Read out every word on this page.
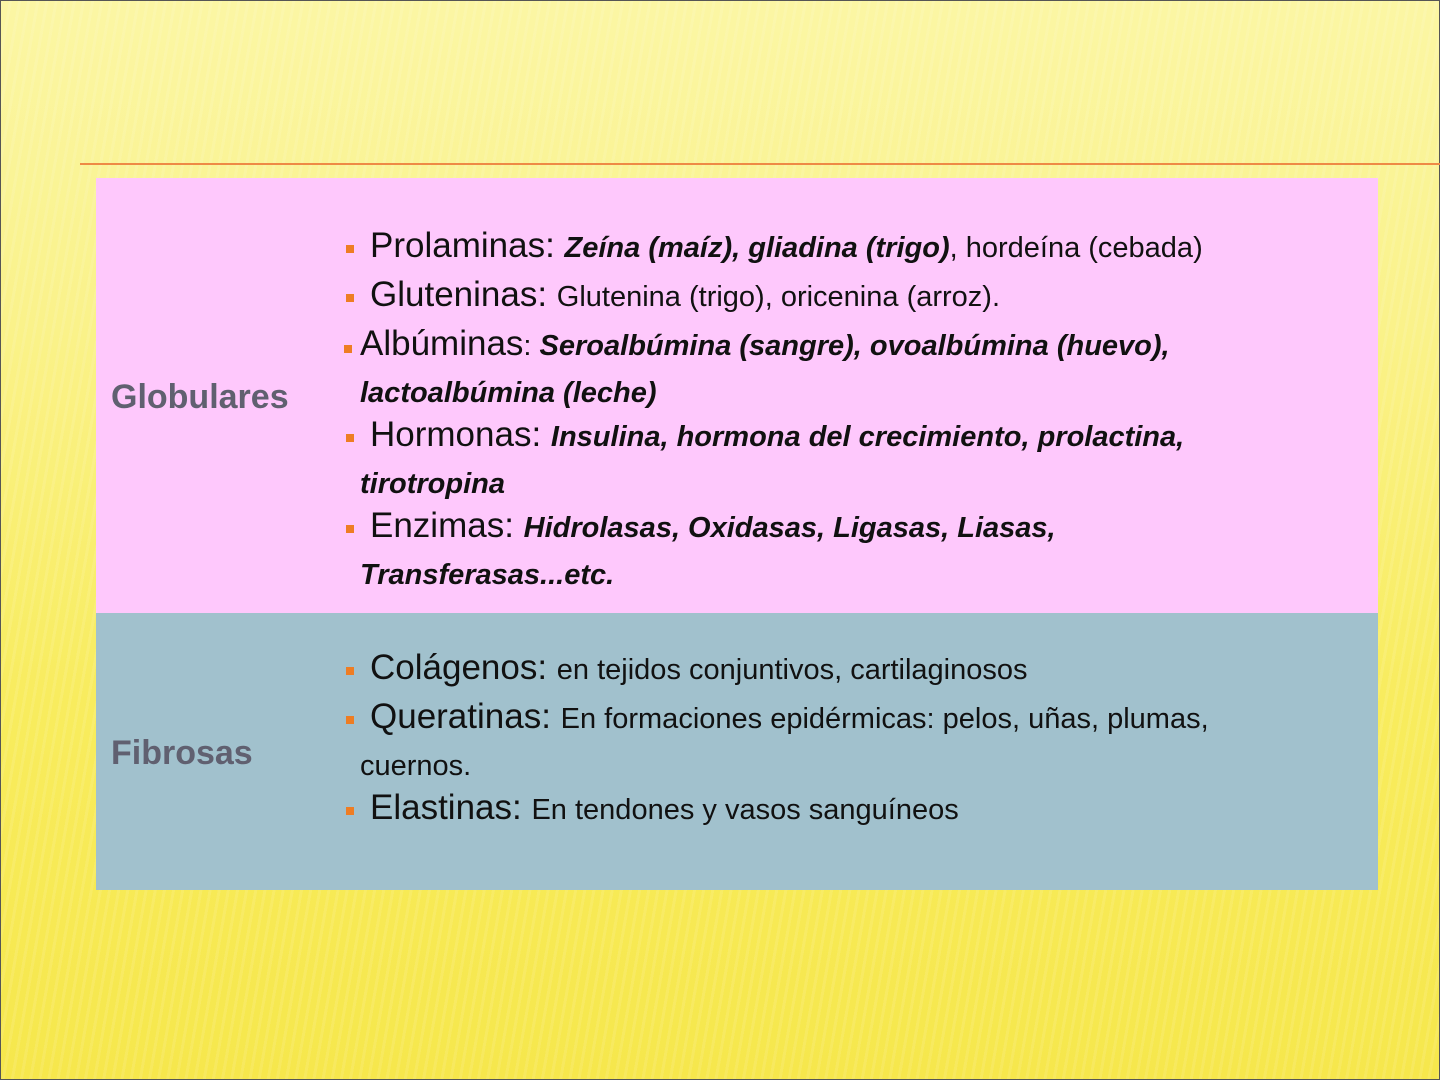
Globulares
Prolaminas: Zeína (maíz), gliadina (trigo), hordeína (cebada)
Gluteninas: Glutenina (trigo), oricenina (arroz).
Albúminas: Seroalbúmina (sangre), ovoalbúmina (huevo),
lactoalbúmina (leche)
Hormonas: Insulina, hormona del crecimiento, prolactina,
tirotropina
Enzimas: Hidrolasas, Oxidasas, Ligasas, Liasas,
Transferasas...etc.
Fibrosas
Colágenos: en tejidos conjuntivos, cartilaginosos
Queratinas: En formaciones epidérmicas: pelos, uñas, plumas,
cuernos.
Elastinas: En tendones y vasos sanguíneos
